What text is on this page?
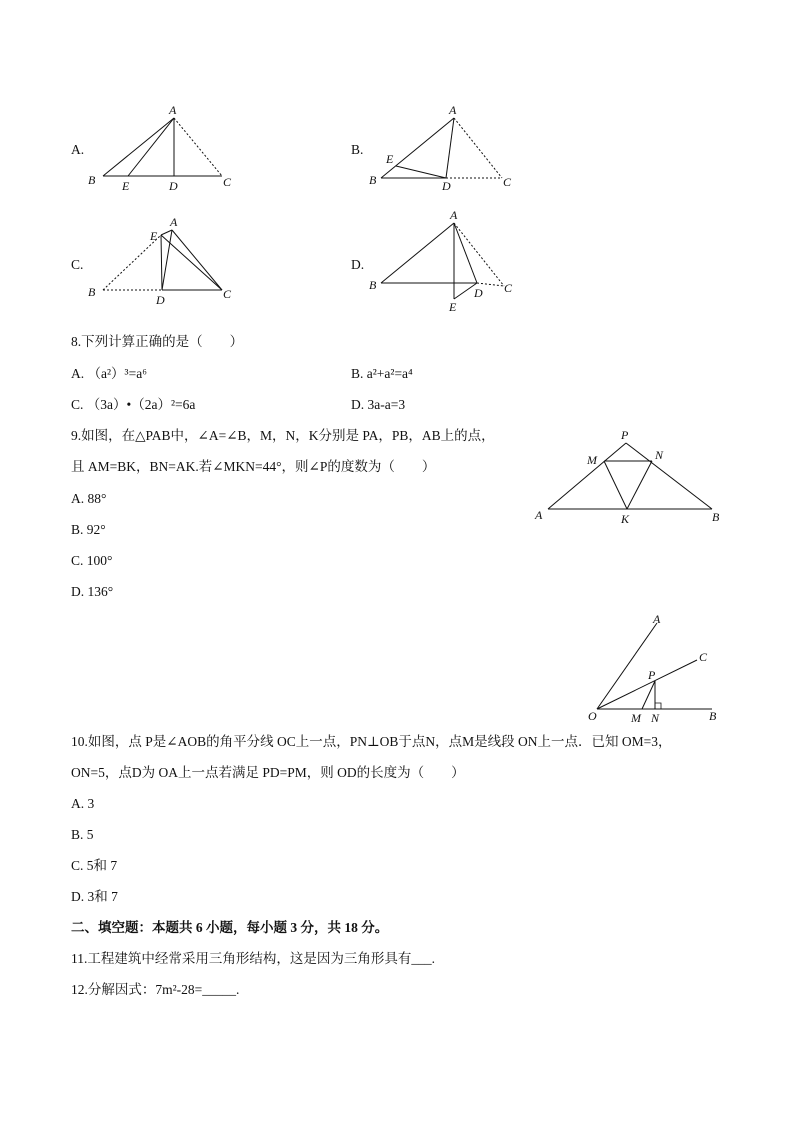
A.
A
B E	D	C
B.
A
E
B	D	C
C.
E
A
B
D	C
D.
A
B
E
D C
8.下列计算正确的是（　　）
A. （a²）³=a⁶	B. a²+a²=a⁴
C. （3a）•（2a）²=6a	D. 3a-a=3
9.如图，在△PAB中，∠A=∠B，M，N，K分别是 PA，PB，AB上的点，
且 AM=BK，BN=AK.若∠MKN=44°，则∠P的度数为（　　）
A. 88°
B. 92°
C. 100°
D. 136°
P
M	N
A	K	B
A
C
P
O	M N	B
10.如图，点 P是∠AOB的角平分线 OC上一点，PN⊥OB于点N，点M是线段 ON上一点．已知 OM=3，
ON=5，点D为 OA上一点若满足 PD=PM，则 OD的长度为（　　）
A. 3
B. 5
C. 5和 7
D. 3和 7
二、填空题：本题共 6 小题，每小题 3 分，共 18 分。
11.工程建筑中经常采用三角形结构，这是因为三角形具有___.
12.分解因式：7m²-28=_____.
